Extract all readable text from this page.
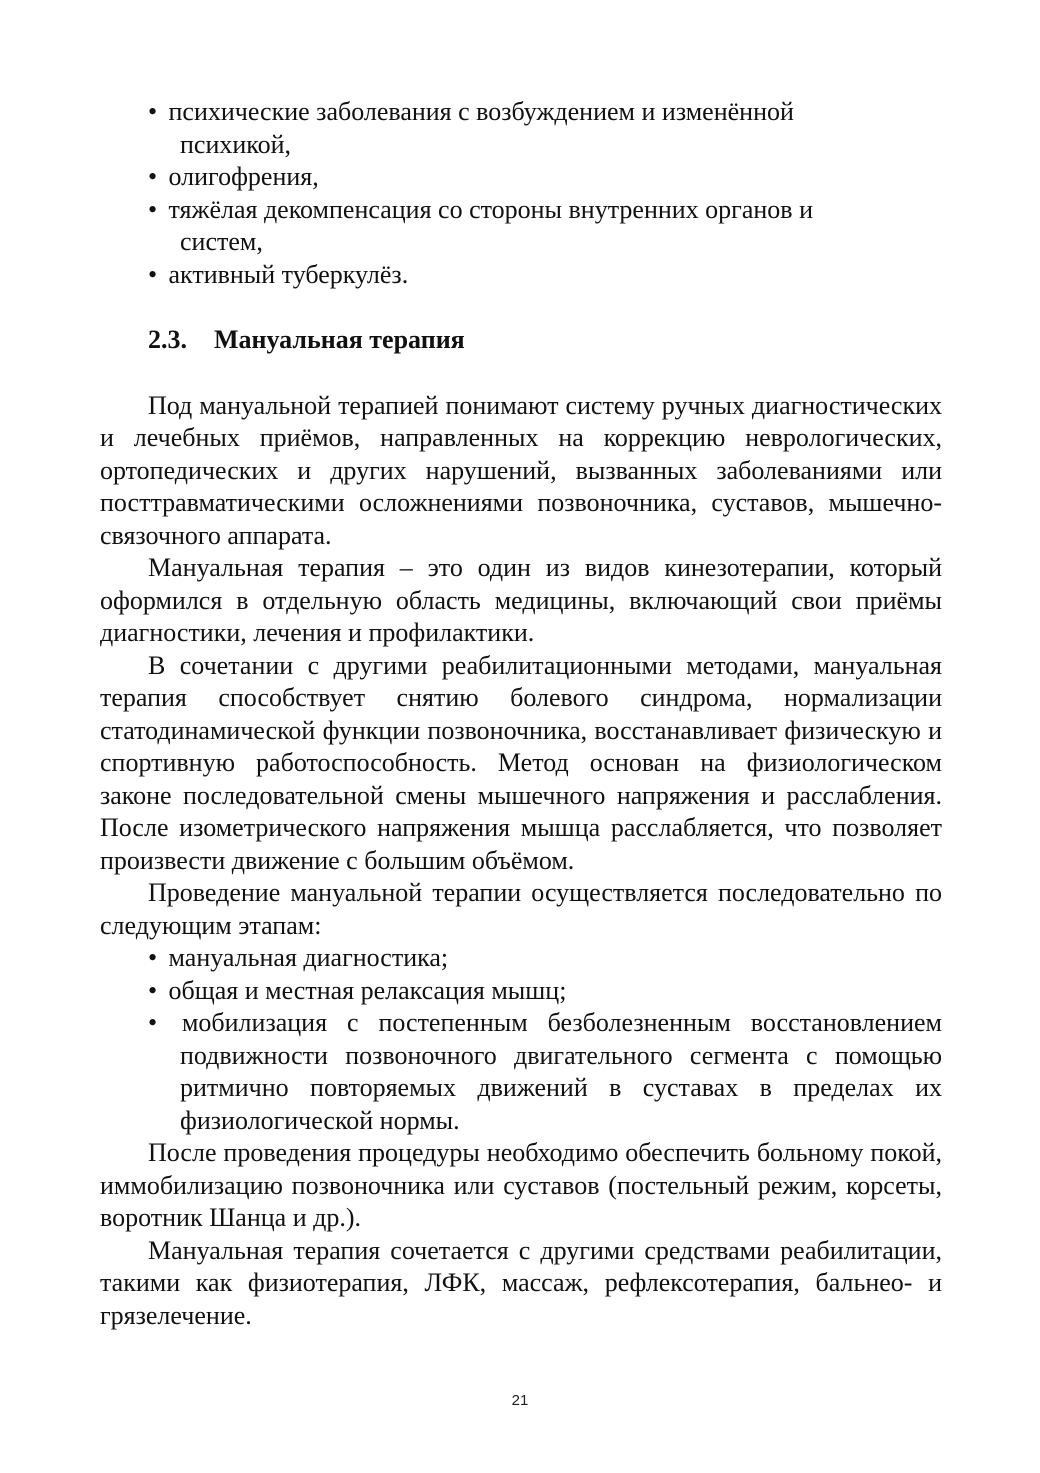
• психические заболевания с возбуждением и изменённой
психикой,
• олигофрения,
• тяжёлая декомпенсация со стороны внутренних органов и
систем,
• активный туберкулёз.
2.3. Мануальная терапия

Под мануальной терапией понимают систему ручных диагностических и лечебных приёмов, направленных на коррекцию неврологических, ортопедических и других нарушений, вызванных заболеваниями или посттравматическими осложнениями позвоночника, суставов, мышечно-связочного аппарата.

Мануальная терапия – это один из видов кинезотерапии, который оформился в отдельную область медицины, включающий свои приёмы диагностики, лечения и профилактики.

В сочетании с другими реабилитационными методами, мануальная терапия способствует снятию болевого синдрома, нормализации статодинамической функции позвоночника, восстанавливает физическую и спортивную работоспособность. Метод основан на физиологическом законе последовательной смены мышечного напряжения и расслабления. После изометрического напряжения мышца расслабляется, что позволяет произвести движение с большим объёмом.

Проведение мануальной терапии осуществляется последовательно по следующим этапам:

• мануальная диагностика;
• общая и местная релаксация мышц;
• мобилизация с постепенным безболезненным восстановлением подвижности позвоночного двигательного сегмента с помощью ритмично повторяемых движений в суставах в пределах их физиологической нормы.

После проведения процедуры необходимо обеспечить больному покой, иммобилизацию позвоночника или суставов (постельный режим, корсеты, воротник Шанца и др.).

Мануальная терапия сочетается с другими средствами реабилитации, такими как физиотерапия, ЛФК, массаж, рефлексотерапия, бальнео- и грязелечение.

21
